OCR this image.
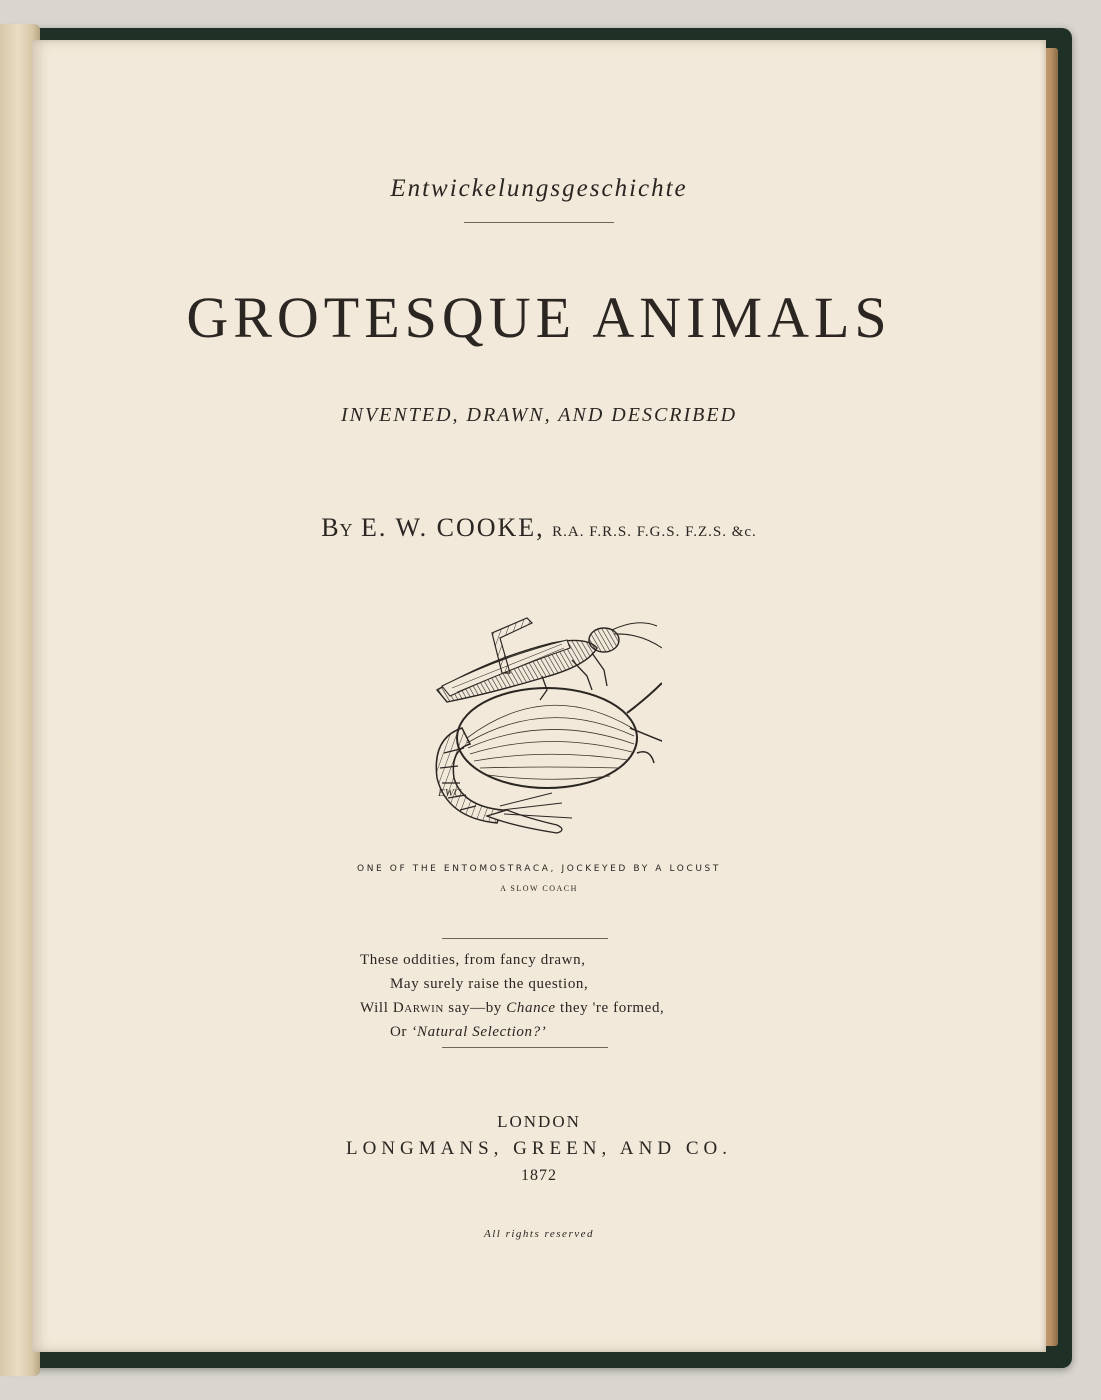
Entwickelungsgeschichte
GROTESQUE ANIMALS
INVENTED, DRAWN, AND DESCRIBED
By E. W. COOKE, R.A. F.R.S. F.G.S. F.Z.S. &c.
EWC
ONE OF THE ENTOMOSTRACA, JOCKEYED BY A LOCUST
A SLOW COACH
These oddities, from fancy drawn,
May surely raise the question,
Will Darwin say—by Chance they 're formed,
Or ‘Natural Selection?’
LONDON
LONGMANS, GREEN, AND CO.
1872
All rights reserved
